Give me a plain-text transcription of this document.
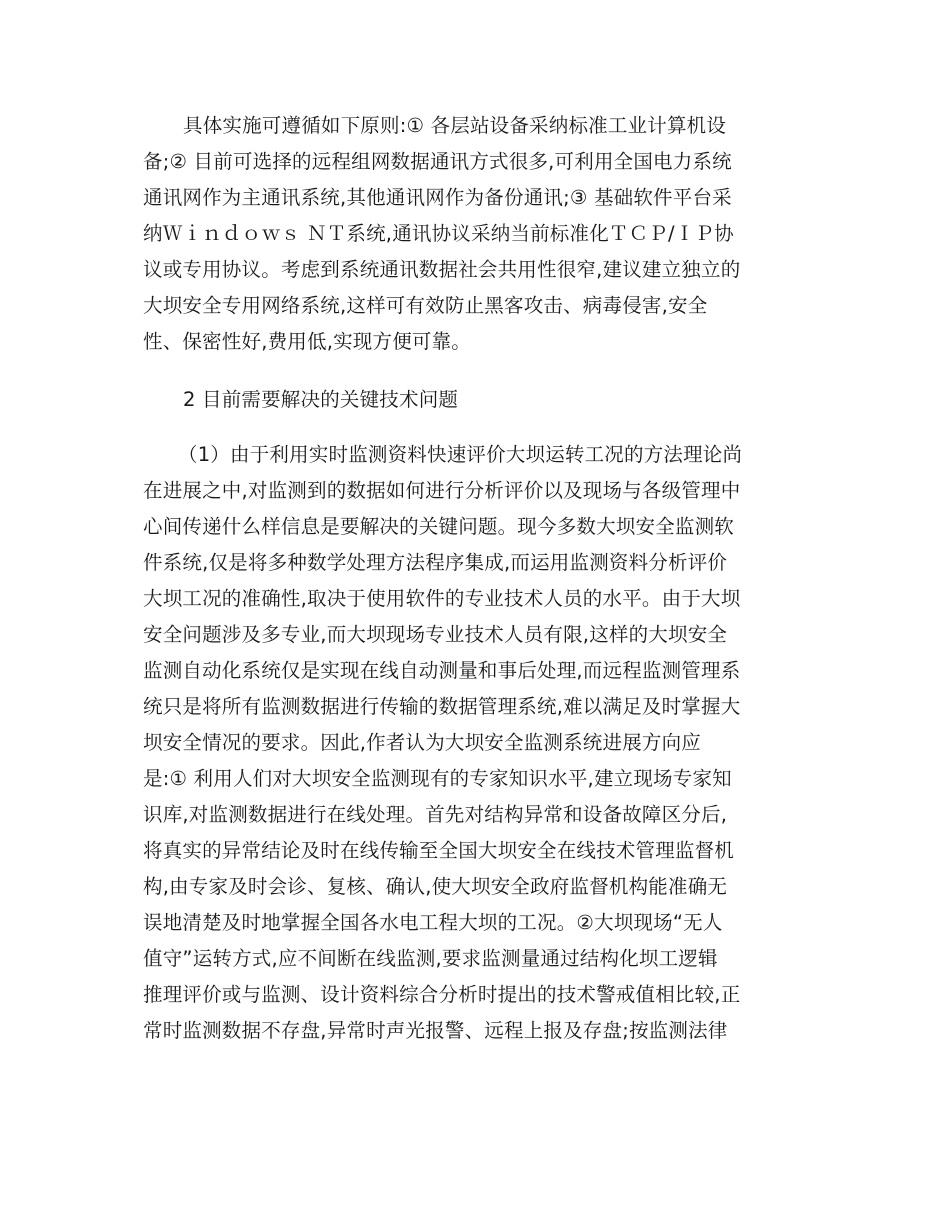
具体实施可遵循如下原则:① 各层站设备采纳标准工业计算机设
备;② 目前可选择的远程组网数据通讯方式很多,可利用全国电力系统
通讯网作为主通讯系统,其他通讯网作为备份通讯;③ 基础软件平台采
纳Ｗｉｎｄｏｗｓ ＮＴ系统,通讯协议采纳当前标准化ＴＣＰ/ＩＰ协
议或专用协议。考虑到系统通讯数据社会共用性很窄,建议建立独立的
大坝安全专用网络系统,这样可有效防止黑客攻击、病毒侵害,安全
性、保密性好,费用低,实现方便可靠。
2 目前需要解决的关键技术问题
（1）由于利用实时监测资料快速评价大坝运转工况的方法理论尚
在进展之中,对监测到的数据如何进行分析评价以及现场与各级管理中
心间传递什么样信息是要解决的关键问题。现今多数大坝安全监测软
件系统,仅是将多种数学处理方法程序集成,而运用监测资料分析评价
大坝工况的准确性,取决于使用软件的专业技术人员的水平。由于大坝
安全问题涉及多专业,而大坝现场专业技术人员有限,这样的大坝安全
监测自动化系统仅是实现在线自动测量和事后处理,而远程监测管理系
统只是将所有监测数据进行传输的数据管理系统,难以满足及时掌握大
坝安全情况的要求。因此,作者认为大坝安全监测系统进展方向应
是:① 利用人们对大坝安全监测现有的专家知识水平,建立现场专家知
识库,对监测数据进行在线处理。首先对结构异常和设备故障区分后,
将真实的异常结论及时在线传输至全国大坝安全在线技术管理监督机
构,由专家及时会诊、复核、确认,使大坝安全政府监督机构能准确无
误地清楚及时地掌握全国各水电工程大坝的工况。②大坝现场“无人
值守”运转方式,应不间断在线监测,要求监测量通过结构化坝工逻辑
推理评价或与监测、设计资料综合分析时提出的技术警戒值相比较,正
常时监测数据不存盘,异常时声光报警、远程上报及存盘;按监测法律
